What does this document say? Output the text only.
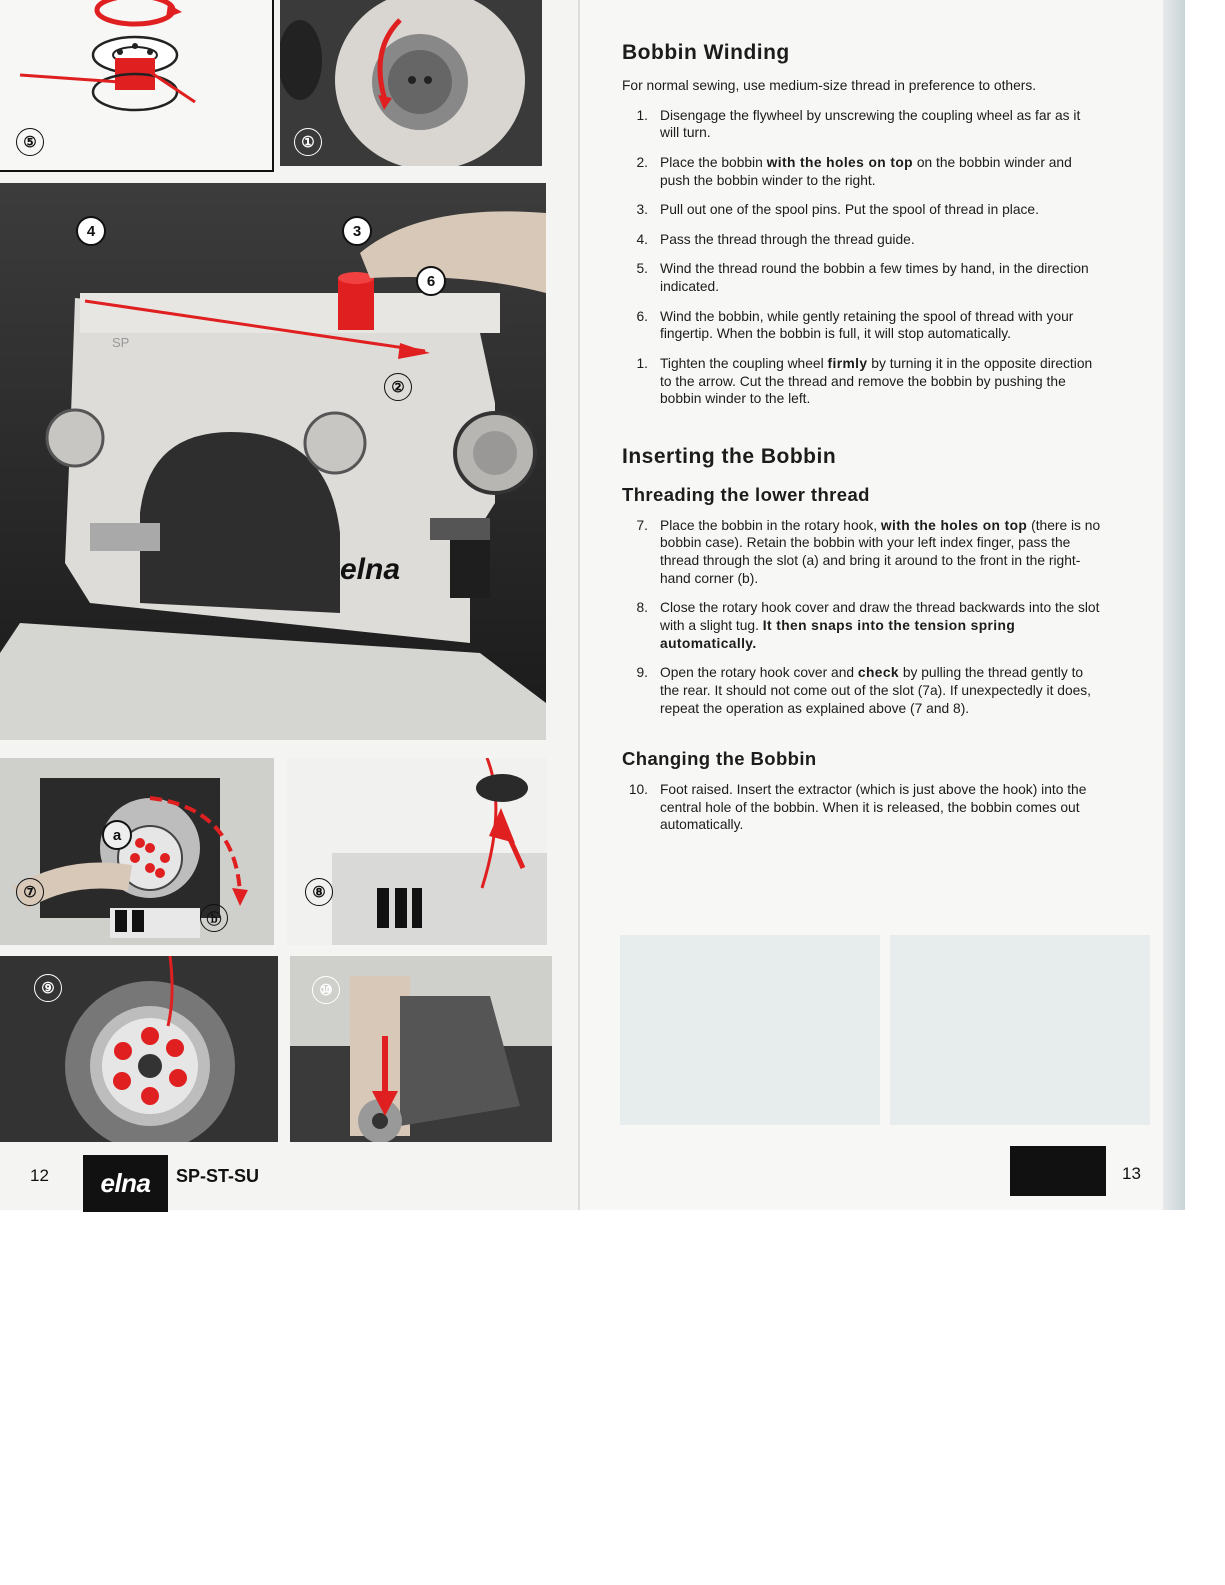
⑤	①
elna
SP
4	3
6
②
⑦
a
ⓑ
⑧
⑨	⑩
12	elna	SP-ST-SU
Bobbin Winding

For normal sewing, use medium-size thread in preference to others.

1. Disengage the flywheel by unscrewing the coupling wheel as far as it will turn.
2. Place the bobbin with the holes on top on the bobbin winder and push the bobbin winder to the right.
3. Pull out one of the spool pins. Put the spool of thread in place.
4. Pass the thread through the thread guide.
5. Wind the thread round the bobbin a few times by hand, in the direction indicated.
6. Wind the bobbin, while gently retaining the spool of thread with your fingertip. When the bobbin is full, it will stop automatically.
1. Tighten the coupling wheel firmly by turning it in the opposite direction to the arrow. Cut the thread and remove the bobbin by pushing the bobbin winder to the left.
Inserting the Bobbin
Threading the lower thread
7. Place the bobbin in the rotary hook, with the holes on top (there is no bobbin case). Retain the bobbin with your left index finger, pass the thread through the slot (a) and bring it around to the front in the right-hand corner (b).
8. Close the rotary hook cover and draw the thread backwards into the slot with a slight tug. It then snaps into the tension spring automatically.
9. Open the rotary hook cover and check by pulling the thread gently to the rear. It should not come out of the slot (7a). If unexpectedly it does, repeat the operation as explained above (7 and 8).
Changing the Bobbin
10. Foot raised. Insert the extractor (which is just above the hook) into the central hole of the bobbin. When it is released, the bobbin comes out automatically.
13
